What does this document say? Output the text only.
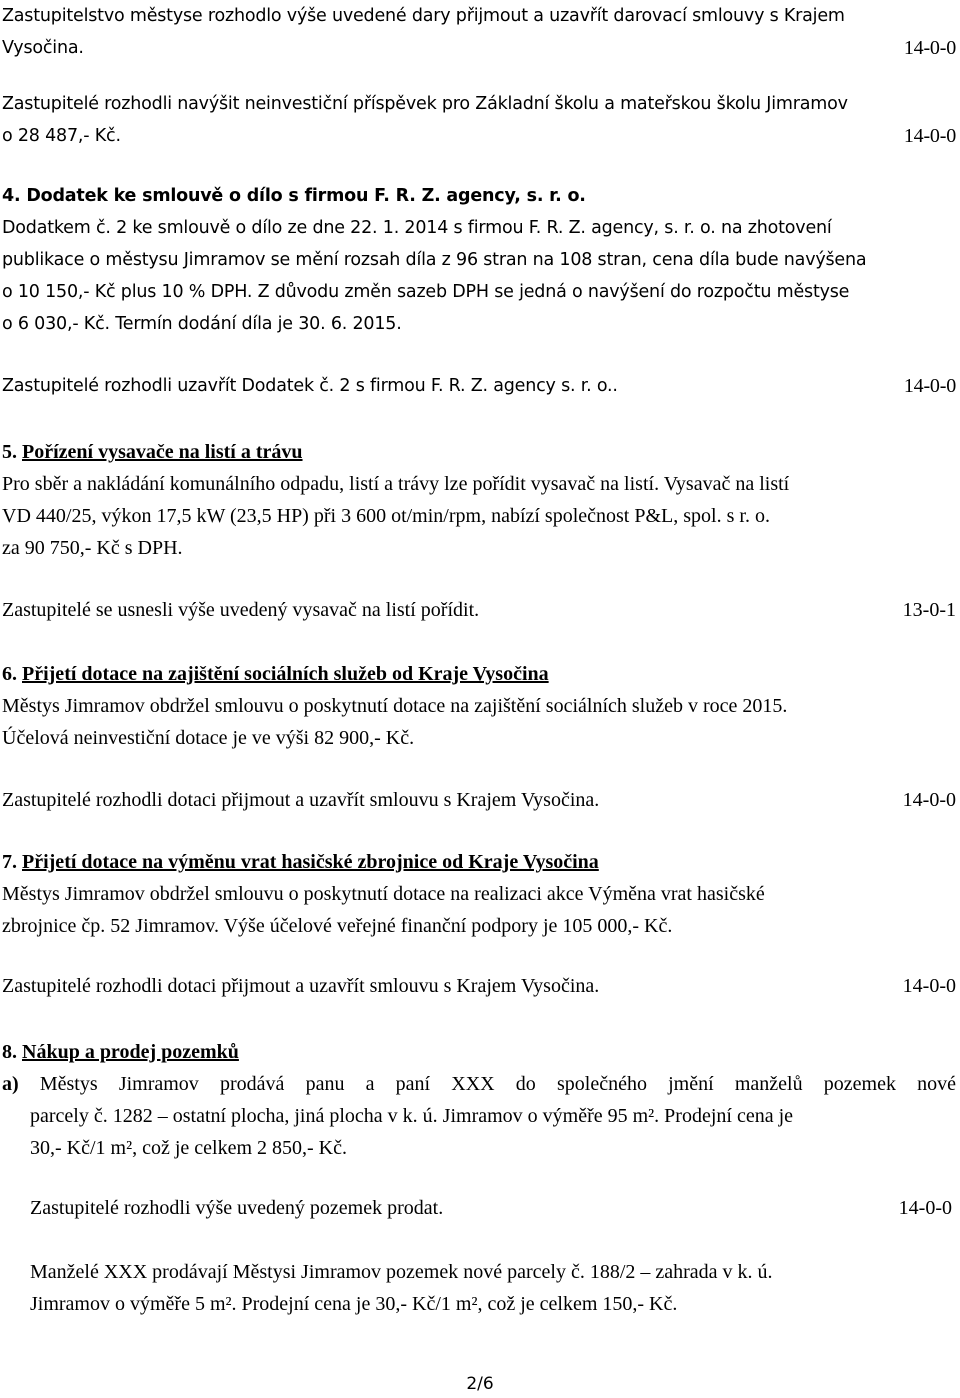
Zastupitelstvo městyse rozhodlo výše uvedené dary přijmout a uzavřít darovací smlouvy s Krajem
Vysočina.	14-0-0
Zastupitelé rozhodli navýšit neinvestiční příspěvek pro Základní školu a mateřskou školu Jimramov
o 28 487,- Kč.	14-0-0
4. Dodatek ke smlouvě o dílo s firmou F. R. Z. agency, s. r. o.
Dodatkem č. 2 ke smlouvě o dílo ze dne 22. 1. 2014 s firmou F. R. Z. agency, s. r. o. na zhotovení
publikace o městysu Jimramov se mění rozsah díla z 96 stran na 108 stran, cena díla bude navýšena
o 10 150,- Kč plus 10 % DPH. Z důvodu změn sazeb DPH se jedná o navýšení do rozpočtu městyse
o 6 030,- Kč. Termín dodání díla je 30. 6. 2015.
Zastupitelé rozhodli uzavřít Dodatek č. 2 s firmou F. R. Z. agency s. r. o..	14-0-0
5. Pořízení vysavače na listí a trávu
Pro sběr a nakládání komunálního odpadu, listí a trávy lze pořídit vysavač na listí. Vysavač na listí
VD 440/25, výkon 17,5 kW (23,5 HP) při 3 600 ot/min/rpm, nabízí společnost P&L, spol. s r. o.
za 90 750,- Kč s DPH.
Zastupitelé se usnesli výše uvedený vysavač na listí pořídit.	13-0-1
6. Přijetí dotace na zajištění sociálních služeb od Kraje Vysočina
Městys Jimramov obdržel smlouvu o poskytnutí dotace na zajištění sociálních služeb v roce 2015.
Účelová neinvestiční dotace je ve výši 82 900,- Kč.
Zastupitelé rozhodli dotaci přijmout a uzavřít smlouvu s Krajem Vysočina.	14-0-0
7. Přijetí dotace na výměnu vrat hasičské zbrojnice od Kraje Vysočina
Městys Jimramov obdržel smlouvu o poskytnutí dotace na realizaci akce Výměna vrat hasičské
zbrojnice čp. 52 Jimramov. Výše účelové veřejné finanční podpory je 105 000,- Kč.
Zastupitelé rozhodli dotaci přijmout a uzavřít smlouvu s Krajem Vysočina.	14-0-0
8. Nákup a prodej pozemků
a) Městys Jimramov prodává panu a paní XXX do společného jmění manželů pozemek nové
parcely č. 1282 – ostatní plocha, jiná plocha v k. ú. Jimramov o výměře 95 m². Prodejní cena je
30,- Kč/1 m², což je celkem 2 850,- Kč.
Zastupitelé rozhodli výše uvedený pozemek prodat.	14-0-0
Manželé XXX prodávají Městysi Jimramov pozemek nové parcely č. 188/2 – zahrada v k. ú.
Jimramov o výměře 5 m². Prodejní cena je 30,- Kč/1 m², což je celkem 150,- Kč.
2/6
